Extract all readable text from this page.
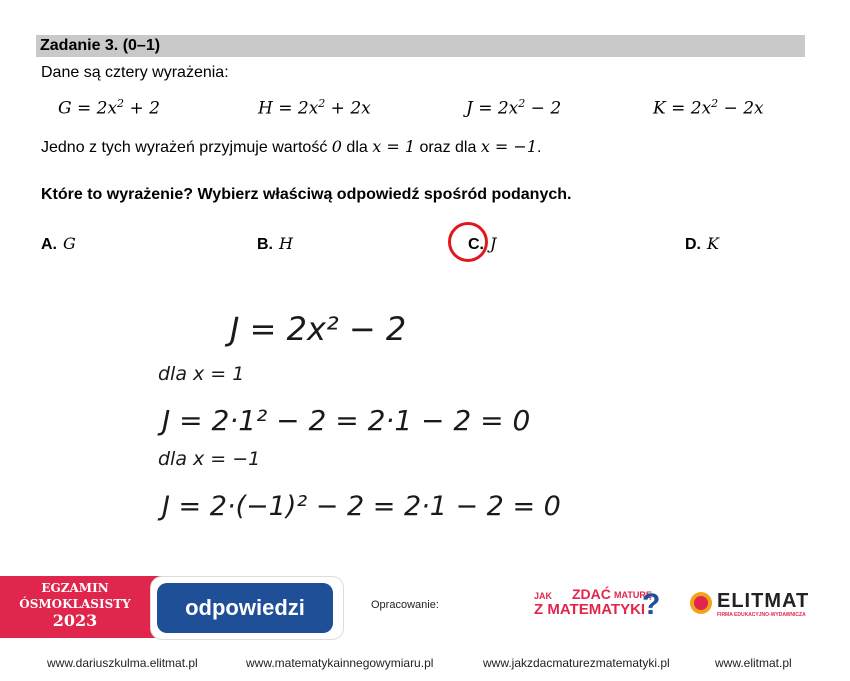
Zadanie 3. (0–1)
Dane są cztery wyrażenia:
$G = 2x^2 + 2$	$H = 2x^2 + 2x$	$J = 2x^2 - 2$	$K = 2x^2 - 2x$
Jedno z tych wyrażeń przyjmuje wartość 0 dla x = 1 oraz dla x = −1.
Które to wyrażenie? Wybierz właściwą odpowiedź spośród podanych.
A. G	B. H	C. J	D. K
J = 2x² − 2
dla x = 1
J = 2·1² − 2 = 2·1 − 2 = 0
dla x = −1
J = 2·(−1)² − 2 = 2·1 − 2 = 0
EGZAMIN
ÓSMOKLASISTY
2023
odpowiedzi	Opracowanie:
JAK ZDAĆ MATURĘ
Z MATEMATYKI
?	ELITMAT
FIRMA EDUKACYJNO-WYDAWNICZA
www.dariuszkulma.elitmat.pl	www.matematykainnegowymiaru.pl	www.jakzdacmaturezmatematyki.pl	www.elitmat.pl
